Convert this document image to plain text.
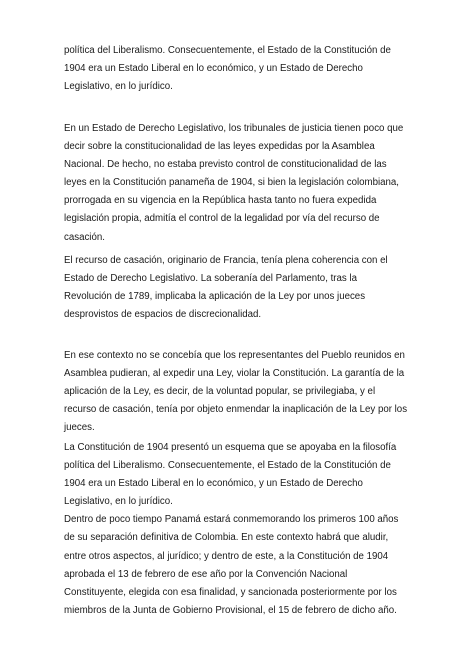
política del Liberalismo. Consecuentemente, el Estado de la Constitución de
1904 era un Estado Liberal en lo económico, y un Estado de Derecho
Legislativo, en lo jurídico.
En un Estado de Derecho Legislativo, los tribunales de justicia tienen poco que
decir sobre la constitucionalidad de las leyes expedidas por la Asamblea
Nacional. De hecho, no estaba previsto control de constitucionalidad de las
leyes en la Constitución panameña de 1904, si bien la legislación colombiana,
prorrogada en su vigencia en la República hasta tanto no fuera expedida
legislación propia, admitía el control de la legalidad por vía del recurso de
casación.
El recurso de casación, originario de Francia, tenía plena coherencia con el
Estado de Derecho Legislativo. La soberanía del Parlamento, tras la
Revolución de 1789, implicaba la aplicación de la Ley por unos jueces
desprovistos de espacios de discrecionalidad.
En ese contexto no se concebía que los representantes del Pueblo reunidos en
Asamblea pudieran, al expedir una Ley, violar la Constitución. La garantía de la
aplicación de la Ley, es decir, de la voluntad popular, se privilegiaba, y el
recurso de casación, tenía por objeto enmendar la inaplicación de la Ley por los
jueces.
La Constitución de 1904 presentó un esquema que se apoyaba en la filosofía
política del Liberalismo. Consecuentemente, el Estado de la Constitución de
1904 era un Estado Liberal en lo económico, y un Estado de Derecho
Legislativo, en lo jurídico.
Dentro de poco tiempo Panamá estará conmemorando los primeros 100 años
de su separación definitiva de Colombia. En este contexto habrá que aludir,
entre otros aspectos, al jurídico; y dentro de este, a la Constitución de 1904
aprobada el 13 de febrero de ese año por la Convención Nacional
Constituyente, elegida con esa finalidad, y sancionada posteriormente por los
miembros de la Junta de Gobierno Provisional, el 15 de febrero de dicho año.
